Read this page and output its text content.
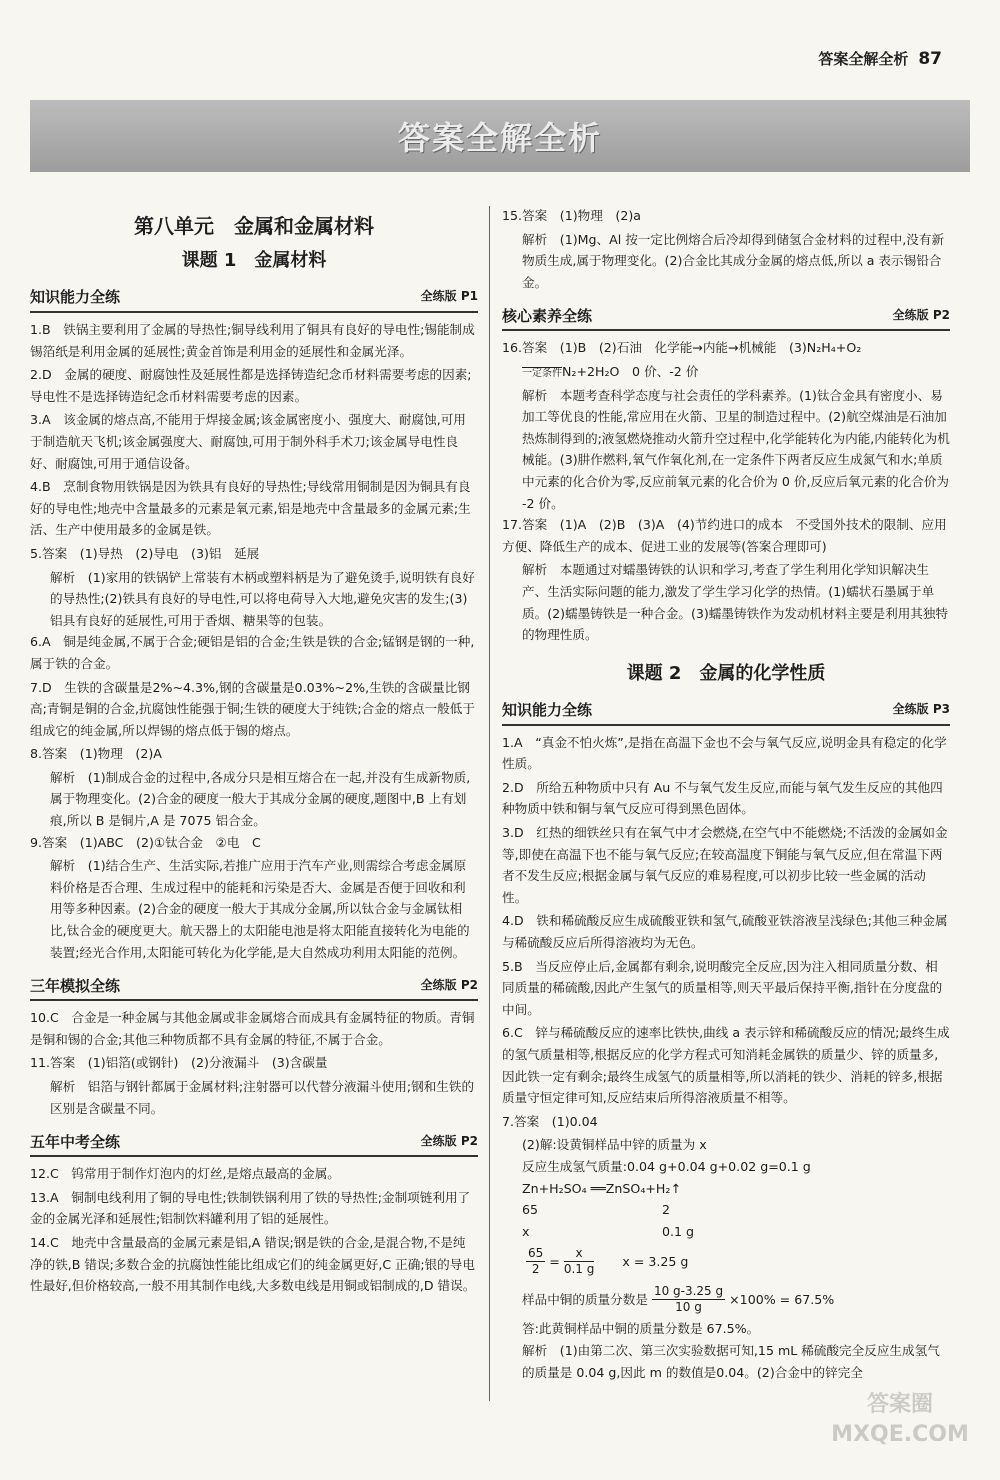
答案全解全析 87
答案全解全析
第八单元　金属和金属材料
课题 1　金属材料
知识能力全练	全练版 P1

1.B　铁锅主要利用了金属的导热性;铜导线利用了铜具有良好的导电性;锡能制成锡箔纸是利用金属的延展性;黄金首饰是利用金的延展性和金属光泽。

2.D　金属的硬度、耐腐蚀性及延展性都是选择铸造纪念币材料需要考虑的因素;导电性不是选择铸造纪念币材料需要考虑的因素。

3.A　该金属的熔点高,不能用于焊接金属;该金属密度小、强度大、耐腐蚀,可用于制造航天飞机;该金属强度大、耐腐蚀,可用于制外科手术刀;该金属导电性良好、耐腐蚀,可用于通信设备。

4.B　烹制食物用铁锅是因为铁具有良好的导热性;导线常用铜制是因为铜具有良好的导电性;地壳中含量最多的元素是氧元素,铝是地壳中含量最多的金属元素;生活、生产中使用最多的金属是铁。

5.答案　(1)导热　(2)导电　(3)铝　延展

解析　(1)家用的铁锅铲上常装有木柄或塑料柄是为了避免烫手,说明铁有良好的导热性;(2)铁具有良好的导电性,可以将电荷导入大地,避免灾害的发生;(3)铝具有良好的延展性,可用于香烟、糖果等的包装。

6.A　铜是纯金属,不属于合金;硬铝是铝的合金;生铁是铁的合金;锰钢是钢的一种,属于铁的合金。

7.D　生铁的含碳量是2%~4.3%,钢的含碳量是0.03%~2%,生铁的含碳量比钢高;青铜是铜的合金,抗腐蚀性能强于铜;生铁的硬度大于纯铁;合金的熔点一般低于组成它的纯金属,所以焊锡的熔点低于锡的熔点。

8.答案　(1)物理　(2)A

解析　(1)制成合金的过程中,各成分只是相互熔合在一起,并没有生成新物质,属于物理变化。(2)合金的硬度一般大于其成分金属的硬度,题图中,B 上有划痕,所以 B 是铜片,A 是 7075 铝合金。

9.答案　(1)ABC　(2)①钛合金　②电　C

解析　(1)结合生产、生活实际,若推广应用于汽车产业,则需综合考虑金属原料价格是否合理、生成过程中的能耗和污染是否大、金属是否便于回收和利用等多种因素。(2)合金的硬度一般大于其成分金属,所以钛合金与金属钛相比,钛合金的硬度更大。航天器上的太阳能电池是将太阳能直接转化为电能的装置;经光合作用,太阳能可转化为化学能,是大自然成功利用太阳能的范例。

三年模拟全练	全练版 P2

10.C　合金是一种金属与其他金属或非金属熔合而成具有金属特征的物质。青铜是铜和锡的合金;其他三种物质都不具有金属的特征,不属于合金。

11.答案　(1)铝箔(或钢针)　(2)分液漏斗　(3)含碳量

解析　铝箔与钢针都属于金属材料;注射器可以代替分液漏斗使用;钢和生铁的区别是含碳量不同。

五年中考全练	全练版 P2

12.C　钨常用于制作灯泡内的灯丝,是熔点最高的金属。

13.A　铜制电线利用了铜的导电性;铁制铁锅利用了铁的导热性;金制项链利用了金的金属光泽和延展性;铝制饮料罐利用了铝的延展性。

14.C　地壳中含量最高的金属元素是铝,A 错误;钢是铁的合金,是混合物,不是纯净的铁,B 错误;多数合金的抗腐蚀性能比组成它们的纯金属更好,C 正确;银的导电性最好,但价格较高,一般不用其制作电线,大多数电线是用铜或铝制成的,D 错误。

15.答案　(1)物理　(2)a

解析　(1)Mg、Al 按一定比例熔合后冷却得到储氢合金材料的过程中,没有新物质生成,属于物理变化。(2)合金比其成分金属的熔点低,所以 a 表示锡铅合金。

核心素养全练	全练版 P2

16.答案　(1)B　(2)石油　化学能→内能→机械能　(3)N₂H₄+O₂

一定条件N₂+2H₂O　0 价、-2 价

解析　本题考查科学态度与社会责任的学科素养。(1)钛合金具有密度小、易加工等优良的性能,常应用在火箭、卫星的制造过程中。(2)航空煤油是石油加热炼制得到的;液氢燃烧推动火箭升空过程中,化学能转化为内能,内能转化为机械能。(3)肼作燃料,氧气作氧化剂,在一定条件下两者反应生成氮气和水;单质中元素的化合价为零,反应前氧元素的化合价为 0 价,反应后氧元素的化合价为 -2 价。

17.答案　(1)A　(2)B　(3)A　(4)节约进口的成本　不受国外技术的限制、应用方便、降低生产的成本、促进工业的发展等(答案合理即可)

解析　本题通过对蠕墨铸铁的认识和学习,考查了学生利用化学知识解决生产、生活实际问题的能力,激发了学生学习化学的热情。(1)蠕状石墨属于单质。(2)蠕墨铸铁是一种合金。(3)蠕墨铸铁作为发动机材料主要是利用其独特的物理性质。

课题 2　金属的化学性质
知识能力全练	全练版 P3

1.A　“真金不怕火炼”,是指在高温下金也不会与氧气反应,说明金具有稳定的化学性质。

2.D　所给五种物质中只有 Au 不与氧气发生反应,而能与氧气发生反应的其他四种物质中铁和铜与氧气反应可得到黑色固体。

3.D　红热的细铁丝只有在氧气中才会燃烧,在空气中不能燃烧;不活泼的金属如金等,即使在高温下也不能与氧气反应;在较高温度下铜能与氧气反应,但在常温下两者不发生反应;根据金属与氧气反应的难易程度,可以初步比较一些金属的活动性。

4.D　铁和稀硫酸反应生成硫酸亚铁和氢气,硫酸亚铁溶液呈浅绿色;其他三种金属与稀硫酸反应后所得溶液均为无色。

5.B　当反应停止后,金属都有剩余,说明酸完全反应,因为注入相同质量分数、相同质量的稀硫酸,因此产生氢气的质量相等,则天平最后保持平衡,指针在分度盘的中间。

6.C　锌与稀硫酸反应的速率比铁快,曲线 a 表示锌和稀硫酸反应的情况;最终生成的氢气质量相等,根据反应的化学方程式可知消耗金属铁的质量少、锌的质量多,因此铁一定有剩余;最终生成氢气的质量相等,所以消耗的铁少、消耗的锌多,根据质量守恒定律可知,反应结束后所得溶液质量不相等。

7.答案　(1)0.04

(2)解:设黄铜样品中锌的质量为 x

反应生成氢气质量:0.04 g+0.04 g+0.02 g=0.1 g

Zn+H₂SO₄ ══ZnSO₄+H₂↑

65	2
x	0.1 g
$\frac{65}{2} = \frac{x}{0.1 g}$ x = 3.25 g
样品中铜的质量分数是 $\frac{10 g-3.25 g}{10 g} \times 100\% = 67.5\%$

答:此黄铜样品中铜的质量分数是 67.5%。

解析　(1)由第二次、第三次实验数据可知,15 mL 稀硫酸完全反应生成氢气的质量是 0.04 g,因此 m 的数值是0.04。(2)合金中的锌完全

答案圈 MXQE.COM
